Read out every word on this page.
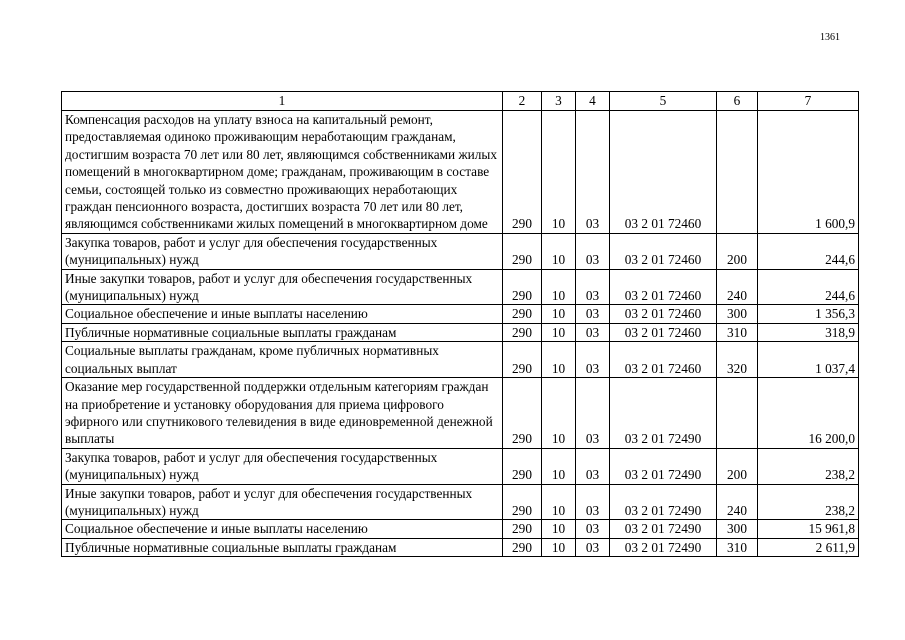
1361
1	2	3	4	5	6	7
Компенсация расходов на уплату взноса на капитальный ремонт, предоставляемая одиноко проживающим неработающим гражданам, достигшим возраста 70 лет или 80 лет, являющимся собственниками жилых помещений в многоквартирном доме; гражданам, проживающим в составе семьи, состоящей только из совместно проживающих неработающих граждан пенсионного возраста, достигших возраста 70 лет или 80 лет, являющимся собственниками жилых помещений в многоквартирном доме	290	10	03	03 2 01 72460		1 600,9
Закупка товаров, работ и услуг для обеспечения государственных (муниципальных) нужд	290	10	03	03 2 01 72460	200	244,6
Иные закупки товаров, работ и услуг для обеспечения государственных (муниципальных) нужд	290	10	03	03 2 01 72460	240	244,6
Социальное обеспечение и иные выплаты населению	290	10	03	03 2 01 72460	300	1 356,3
Публичные нормативные социальные выплаты гражданам	290	10	03	03 2 01 72460	310	318,9
Социальные выплаты гражданам, кроме публичных нормативных социальных выплат	290	10	03	03 2 01 72460	320	1 037,4
Оказание мер государственной поддержки отдельным категориям граждан на приобретение и установку оборудования для приема цифрового эфирного или спутникового телевидения в виде единовременной денежной выплаты	290	10	03	03 2 01 72490		16 200,0
Закупка товаров, работ и услуг для обеспечения государственных (муниципальных) нужд	290	10	03	03 2 01 72490	200	238,2
Иные закупки товаров, работ и услуг для обеспечения государственных (муниципальных) нужд	290	10	03	03 2 01 72490	240	238,2
Социальное обеспечение и иные выплаты населению	290	10	03	03 2 01 72490	300	15 961,8
Публичные нормативные социальные выплаты гражданам	290	10	03	03 2 01 72490	310	2 611,9
